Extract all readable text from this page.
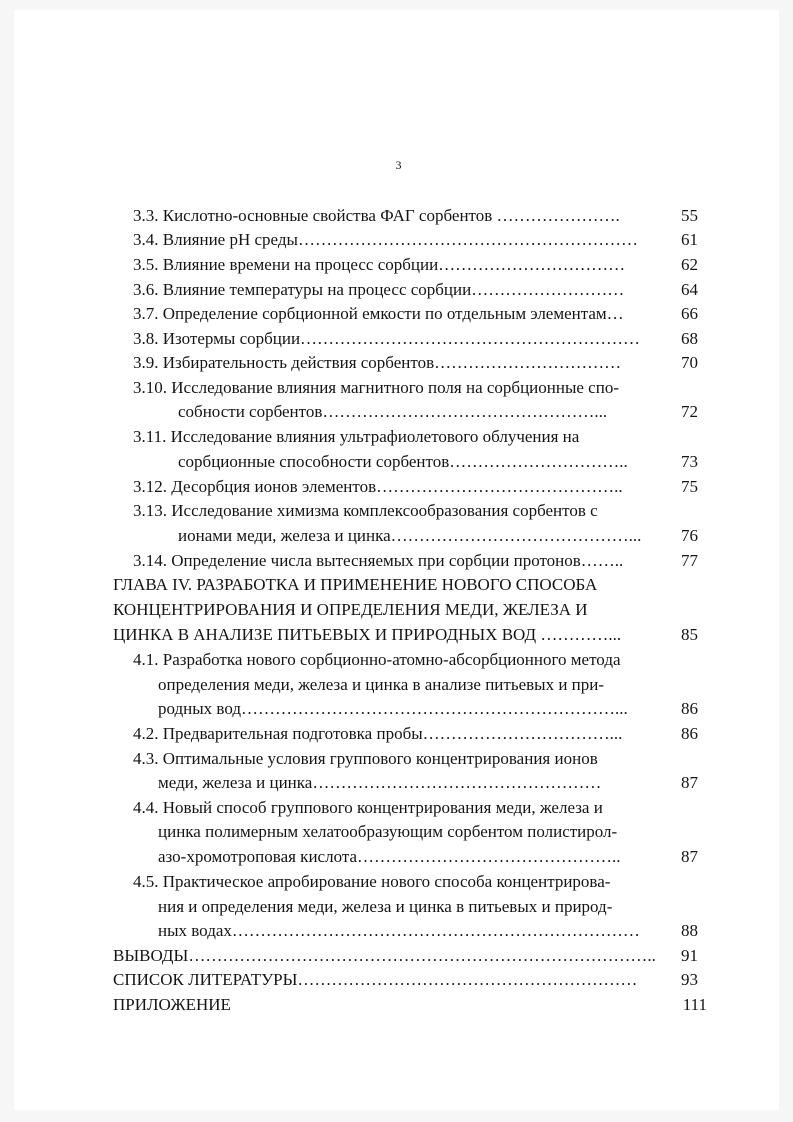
3
3.3. Кислотно-основные свойства ФАГ сорбентов ………………….	55
3.4. Влияние pH среды……………………………………………………	61
3.5. Влияние времени на процесс сорбции……………………………	62
3.6. Влияние температуры на процесс сорбции………………………	64
3.7. Определение сорбционной емкости по отдельным элементам…	66
3.8. Изотермы сорбции……………………………………………………	68
3.9. Избирательность действия сорбентов……………………………	70
3.10. Исследование влияния магнитного поля на сорбционные спо-
собности сорбентов…………………………………………...	72
3.11. Исследование влияния ультрафиолетового облучения на
сорбционные способности сорбентов…………………………..	73
3.12. Десорбция ионов элементов……………………………………..	75
3.13. Исследование химизма комплексообразования сорбентов с
ионами меди, железа и цинка……………………………………...	76
3.14. Определение числа вытесняемых при сорбции протонов……..	77
ГЛАВА IV. РАЗРАБОТКА И ПРИМЕНЕНИЕ НОВОГО СПОСОБА
КОНЦЕНТРИРОВАНИЯ И ОПРЕДЕЛЕНИЯ МЕДИ, ЖЕЛЕЗА И
ЦИНКА В АНАЛИЗЕ ПИТЬЕВЫХ И ПРИРОДНЫХ ВОД …………...	85
4.1. Разработка нового сорбционно-атомно-абсорбционного метода
определения меди, железа и цинка в анализе питьевых и при-
родных вод…………………………………………………………...	86
4.2. Предварительная подготовка пробы……………………………...	86
4.3. Оптимальные условия группового концентрирования ионов
меди, железа и цинка……………………………………………	87
4.4. Новый способ группового концентрирования меди, железа и
цинка полимерным хелатообразующим сорбентом полистирол-
азо-хромотроповая кислота………………………………………..	87
4.5. Практическое апробирование нового способа концентрирова-
ния и определения меди, железа и цинка в питьевых и природ-
ных водах………………………………………………………………	88
ВЫВОДЫ………………………………………………………………………..	91
СПИСОК ЛИТЕРАТУРЫ……………………………………………………	93
ПРИЛОЖЕНИЕ	111
